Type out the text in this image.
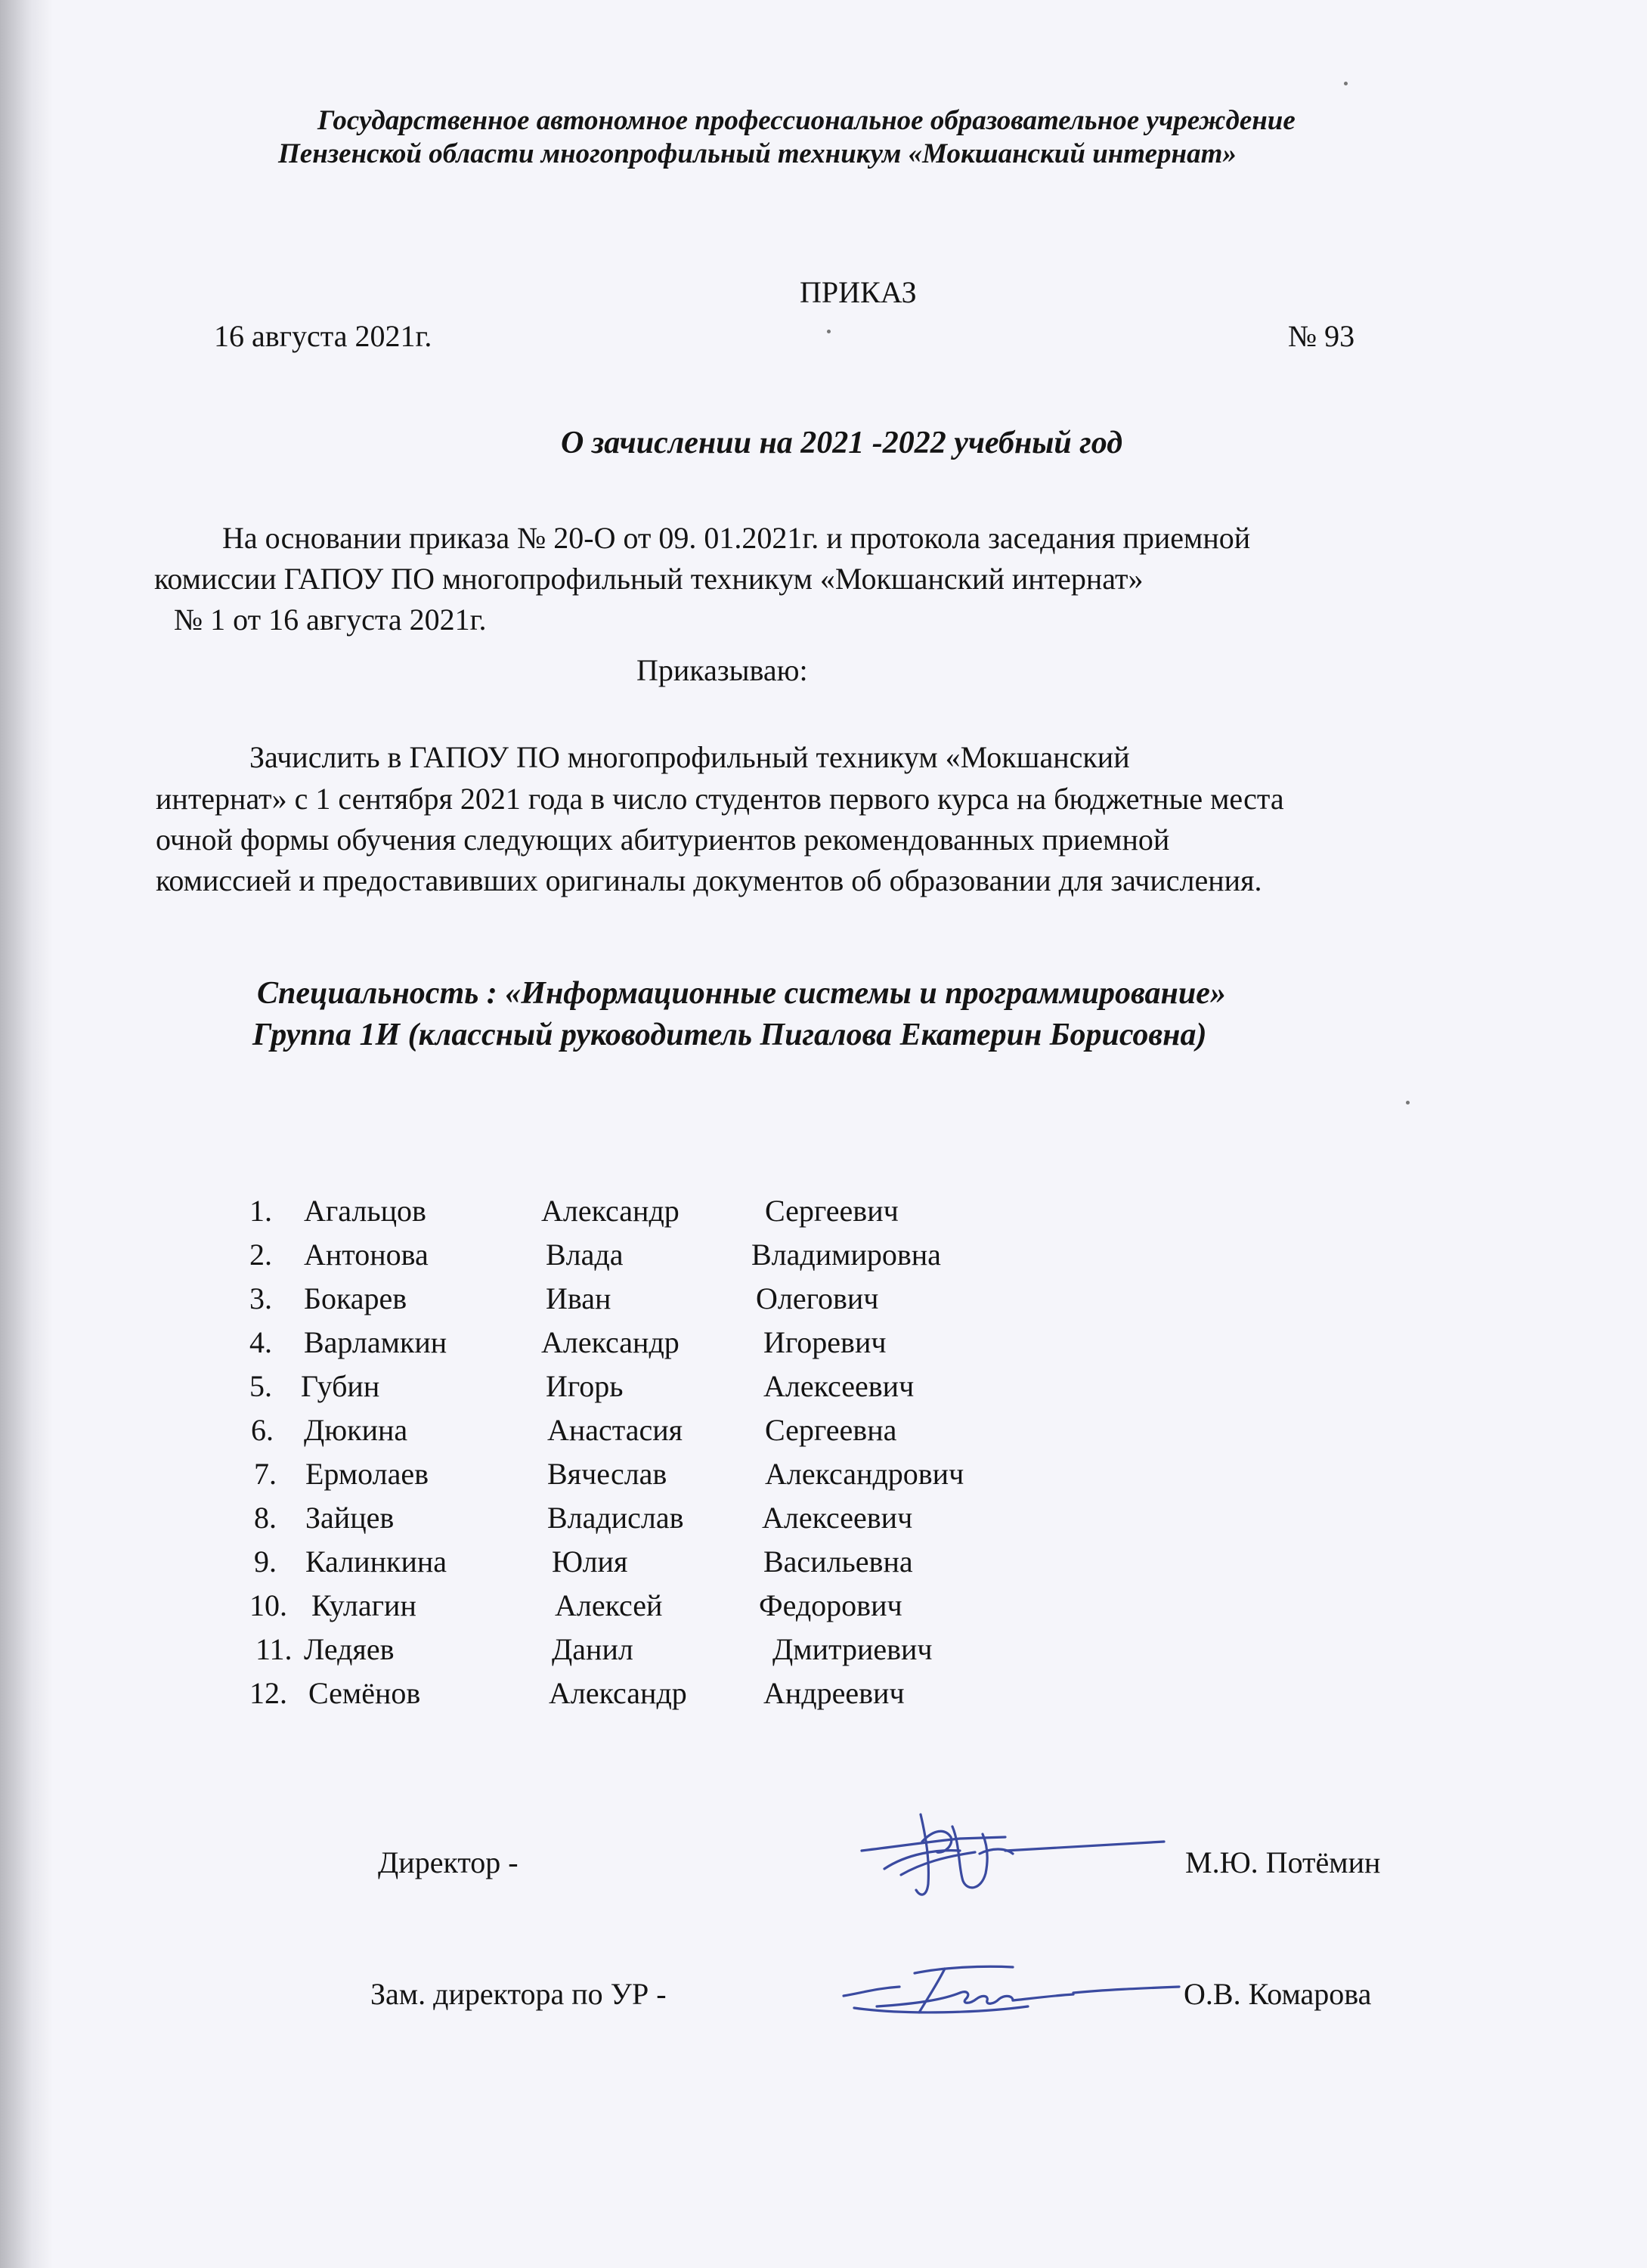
Государственное автономное профессиональное образовательное учреждение
Пензенской области многопрофильный техникум «Мокшанский интернат»
ПРИКАЗ
16 августа 2021г.	№ 93
О зачислении на 2021 -2022 учебный год
На основании приказа № 20-О от 09. 01.2021г. и протокола заседания приемной
комиссии ГАПОУ ПО многопрофильный техникум «Мокшанский интернат»
№ 1 от 16 августа 2021г.
Приказываю:
Зачислить в ГАПОУ ПО многопрофильный техникум «Мокшанский
интернат» с 1 сентября 2021 года в число студентов первого курса на бюджетные места
очной формы обучения следующих абитуриентов рекомендованных приемной
комиссией и предоставивших оригиналы документов об образовании для зачисления.
Специальность : «Информационные системы и программирование»
Группа 1И (классный руководитель Пигалова Екатерин Борисовна)
1. Агальцов	Александр	Сергеевич
2. Антонова	Влада	Владимировна
3. Бокарев	Иван	Олегович
4. Варламкин	Александр	Игоревич
5. Губин	Игорь	Алексеевич
6. Дюкина	Анастасия	Сергеевна
7. Ермолаев	Вячеслав	Александрович
8. Зайцев	Владислав	Алексеевич
9. Калинкина	Юлия	Васильевна
10. Кулагин	Алексей	Федорович
11. Ледяев	Данил	Дмитриевич
12. Семёнов	Александр	Андреевич
Директор -	М.Ю. Потёмин
Зам. директора по УР -	О.В. Комарова
